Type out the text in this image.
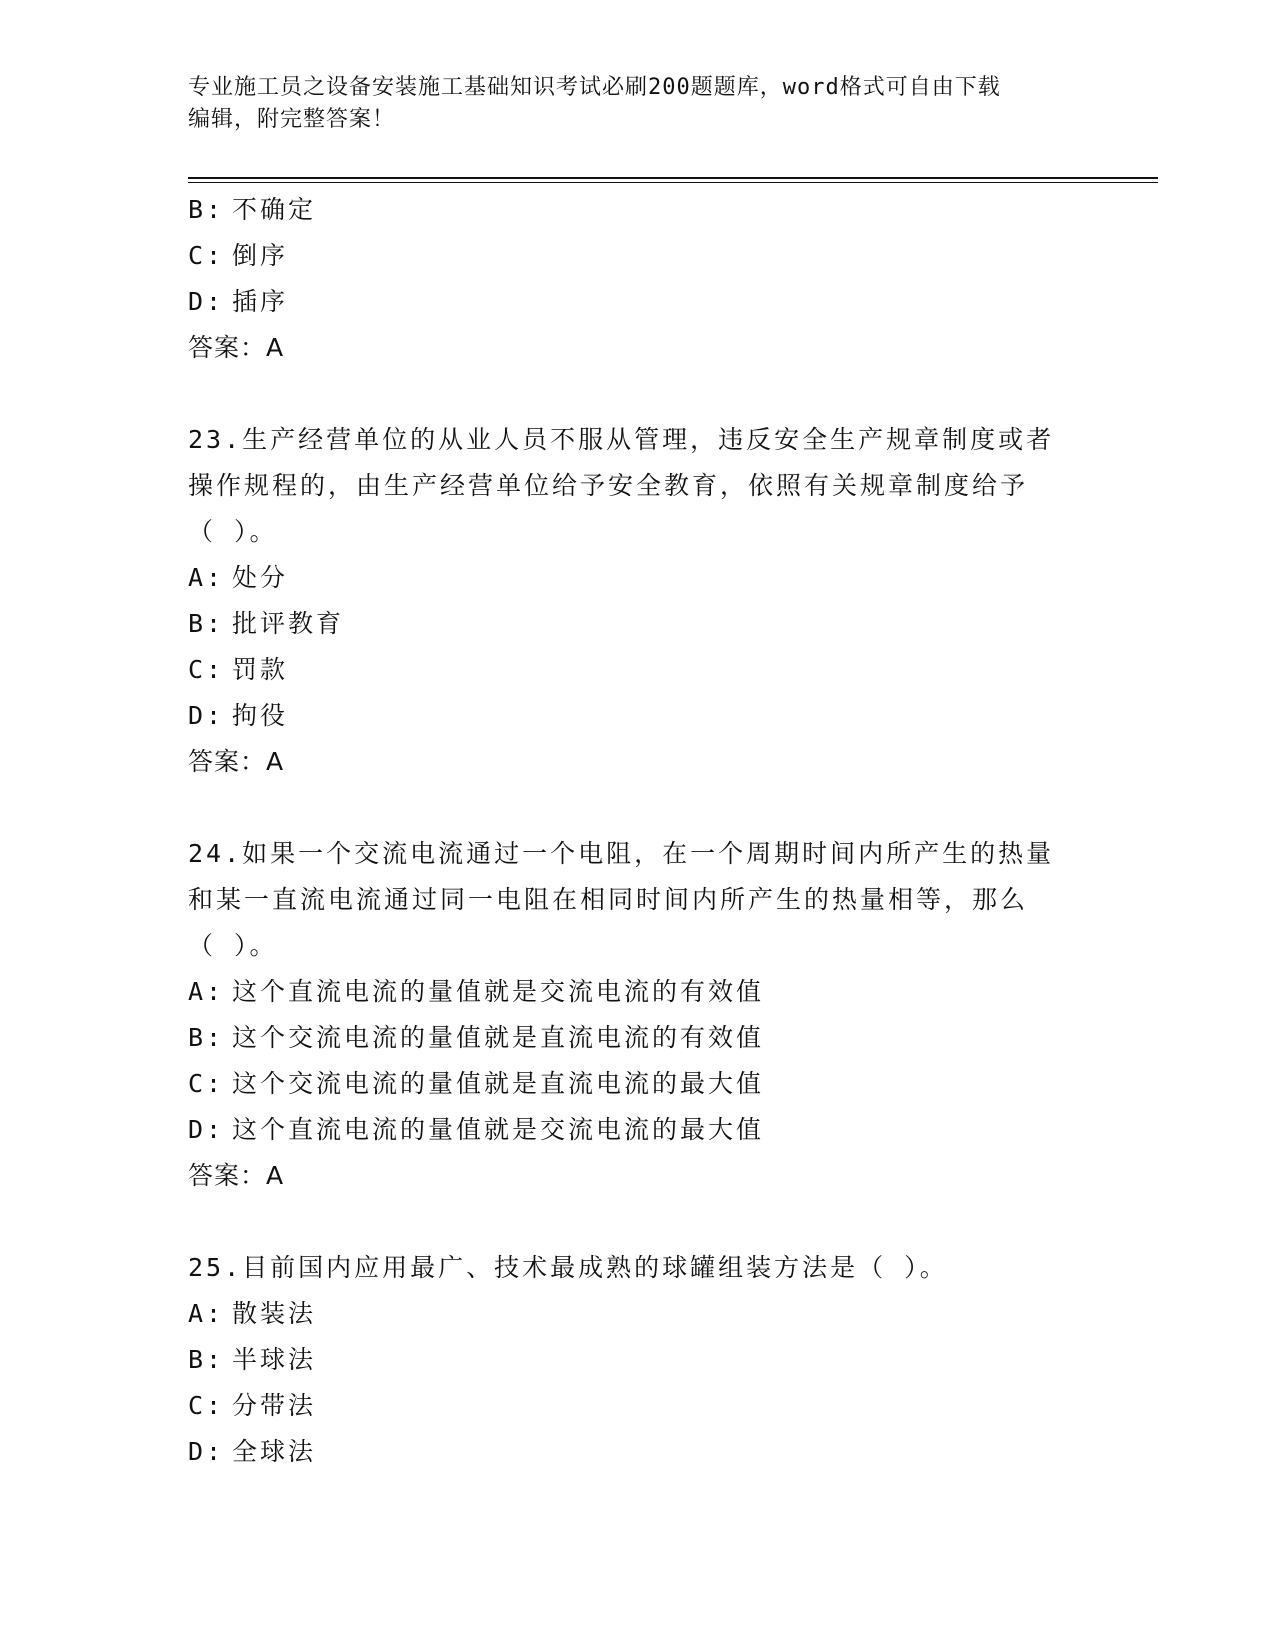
专业施工员之设备安装施工基础知识考试必刷200题题库，word格式可自由下载
编辑，附完整答案！
B: 不确定
C: 倒序
D: 插序
答案：A
23.生产经营单位的从业人员不服从管理，违反安全生产规章制度或者
操作规程的，由生产经营单位给予安全教育，依照有关规章制度给予
（ ）。
A: 处分
B: 批评教育
C: 罚款
D: 拘役
答案：A
24.如果一个交流电流通过一个电阻，在一个周期时间内所产生的热量
和某一直流电流通过同一电阻在相同时间内所产生的热量相等，那么
（ ）。
A: 这个直流电流的量值就是交流电流的有效值
B: 这个交流电流的量值就是直流电流的有效值
C: 这个交流电流的量值就是直流电流的最大值
D: 这个直流电流的量值就是交流电流的最大值
答案：A
25.目前国内应用最广、技术最成熟的球罐组装方法是（ ）。
A: 散装法
B: 半球法
C: 分带法
D: 全球法
